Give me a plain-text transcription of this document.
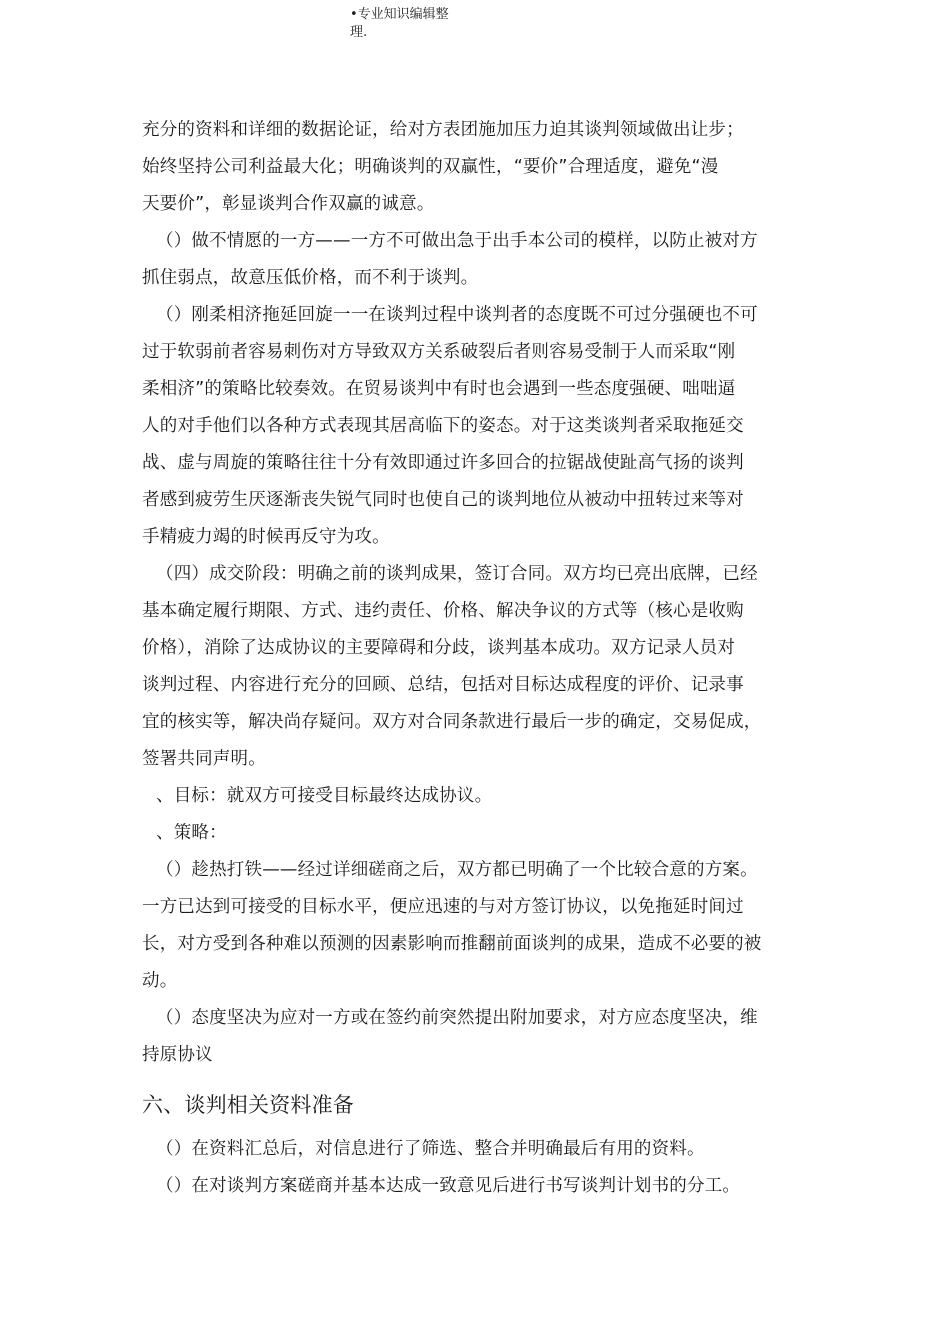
•专业知识编辑整
理.
充分的资料和详细的数据论证，给对方表团施加压力迫其谈判领域做出让步；
始终坚持公司利益最大化；明确谈判的双赢性，“要价”合理适度，避免“漫
天要价”，彰显谈判合作双赢的诚意。
（）做不情愿的一方——一方不可做出急于出手本公司的模样，以防止被对方
抓住弱点，故意压低价格，而不利于谈判。
（）刚柔相济拖延回旋一一在谈判过程中谈判者的态度既不可过分强硬也不可
过于软弱前者容易刺伤对方导致双方关系破裂后者则容易受制于人而采取“刚
柔相济”的策略比较奏效。在贸易谈判中有时也会遇到一些态度强硬、咄咄逼
人的对手他们以各种方式表现其居高临下的姿态。对于这类谈判者采取拖延交
战、虚与周旋的策略往往十分有效即通过许多回合的拉锯战使趾高气扬的谈判
者感到疲劳生厌逐渐丧失锐气同时也使自己的谈判地位从被动中扭转过来等对
手精疲力竭的时候再反守为攻。
（四）成交阶段：明确之前的谈判成果，签订合同。双方均已亮出底牌，已经
基本确定履行期限、方式、违约责任、价格、解决争议的方式等（核心是收购
价格），消除了达成协议的主要障碍和分歧，谈判基本成功。双方记录人员对
谈判过程、内容进行充分的回顾、总结，包括对目标达成程度的评价、记录事
宜的核实等，解决尚存疑问。双方对合同条款进行最后一步的确定，交易促成，
签署共同声明。
、目标：就双方可接受目标最终达成协议。
、策略：
（）趁热打铁——经过详细磋商之后，双方都已明确了一个比较合意的方案。
一方已达到可接受的目标水平，便应迅速的与对方签订协议，以免拖延时间过
长，对方受到各种难以预测的因素影响而推翻前面谈判的成果，造成不必要的被
动。
（）态度坚决为应对一方或在签约前突然提出附加要求，对方应态度坚决，维
持原协议
六、谈判相关资料准备
（）在资料汇总后，对信息进行了筛选、整合并明确最后有用的资料。
（）在对谈判方案磋商并基本达成一致意见后进行书写谈判计划书的分工。
